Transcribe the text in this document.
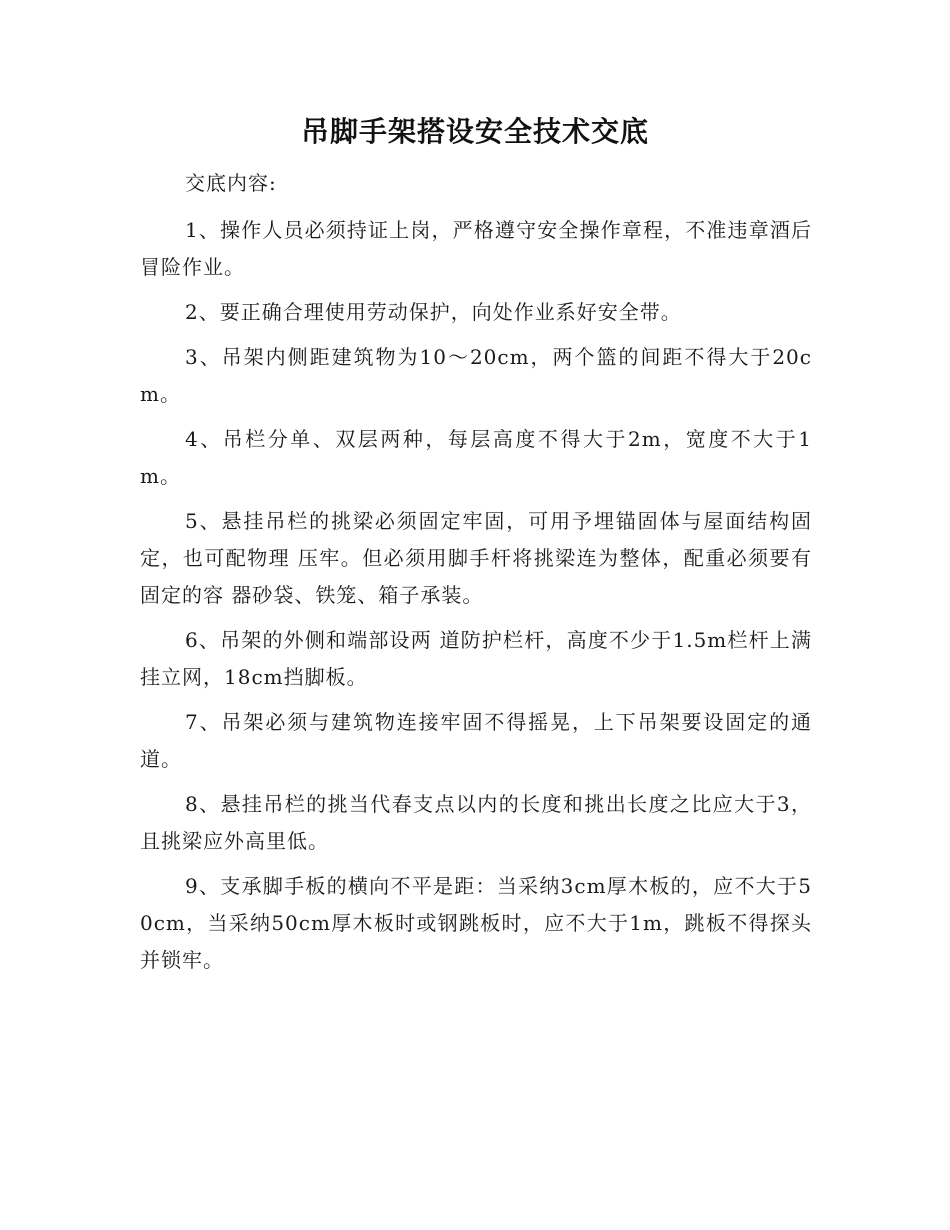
吊脚手架搭设安全技术交底

交底内容:

1、操作人员必须持证上岗，严格遵守安全操作章程，不准违章酒后冒险作业。

2、要正确合理使用劳动保护，向处作业系好安全带。

3、吊架内侧距建筑物为10～20cm，两个篮的间距不得大于20cm。

4、吊栏分单、双层两种，每层高度不得大于2m，宽度不大于1m。

5、悬挂吊栏的挑梁必须固定牢固，可用予埋锚固体与屋面结构固定，也可配物理 压牢。但必须用脚手杆将挑梁连为整体，配重必须要有固定的容 器砂袋、铁笼、箱子承装。

6、吊架的外侧和端部设两 道防护栏杆，高度不少于1.5m栏杆上满挂立网，18cm挡脚板。

7、吊架必须与建筑物连接牢固不得摇晃，上下吊架要设固定的通道。

8、悬挂吊栏的挑当代春支点以内的长度和挑出长度之比应大于3，且挑梁应外高里低。

9、支承脚手板的横向不平是距：当采纳3cm厚木板的，应不大于50cm，当采纳50cm厚木板时或钢跳板时，应不大于1m，跳板不得探头并锁牢。
